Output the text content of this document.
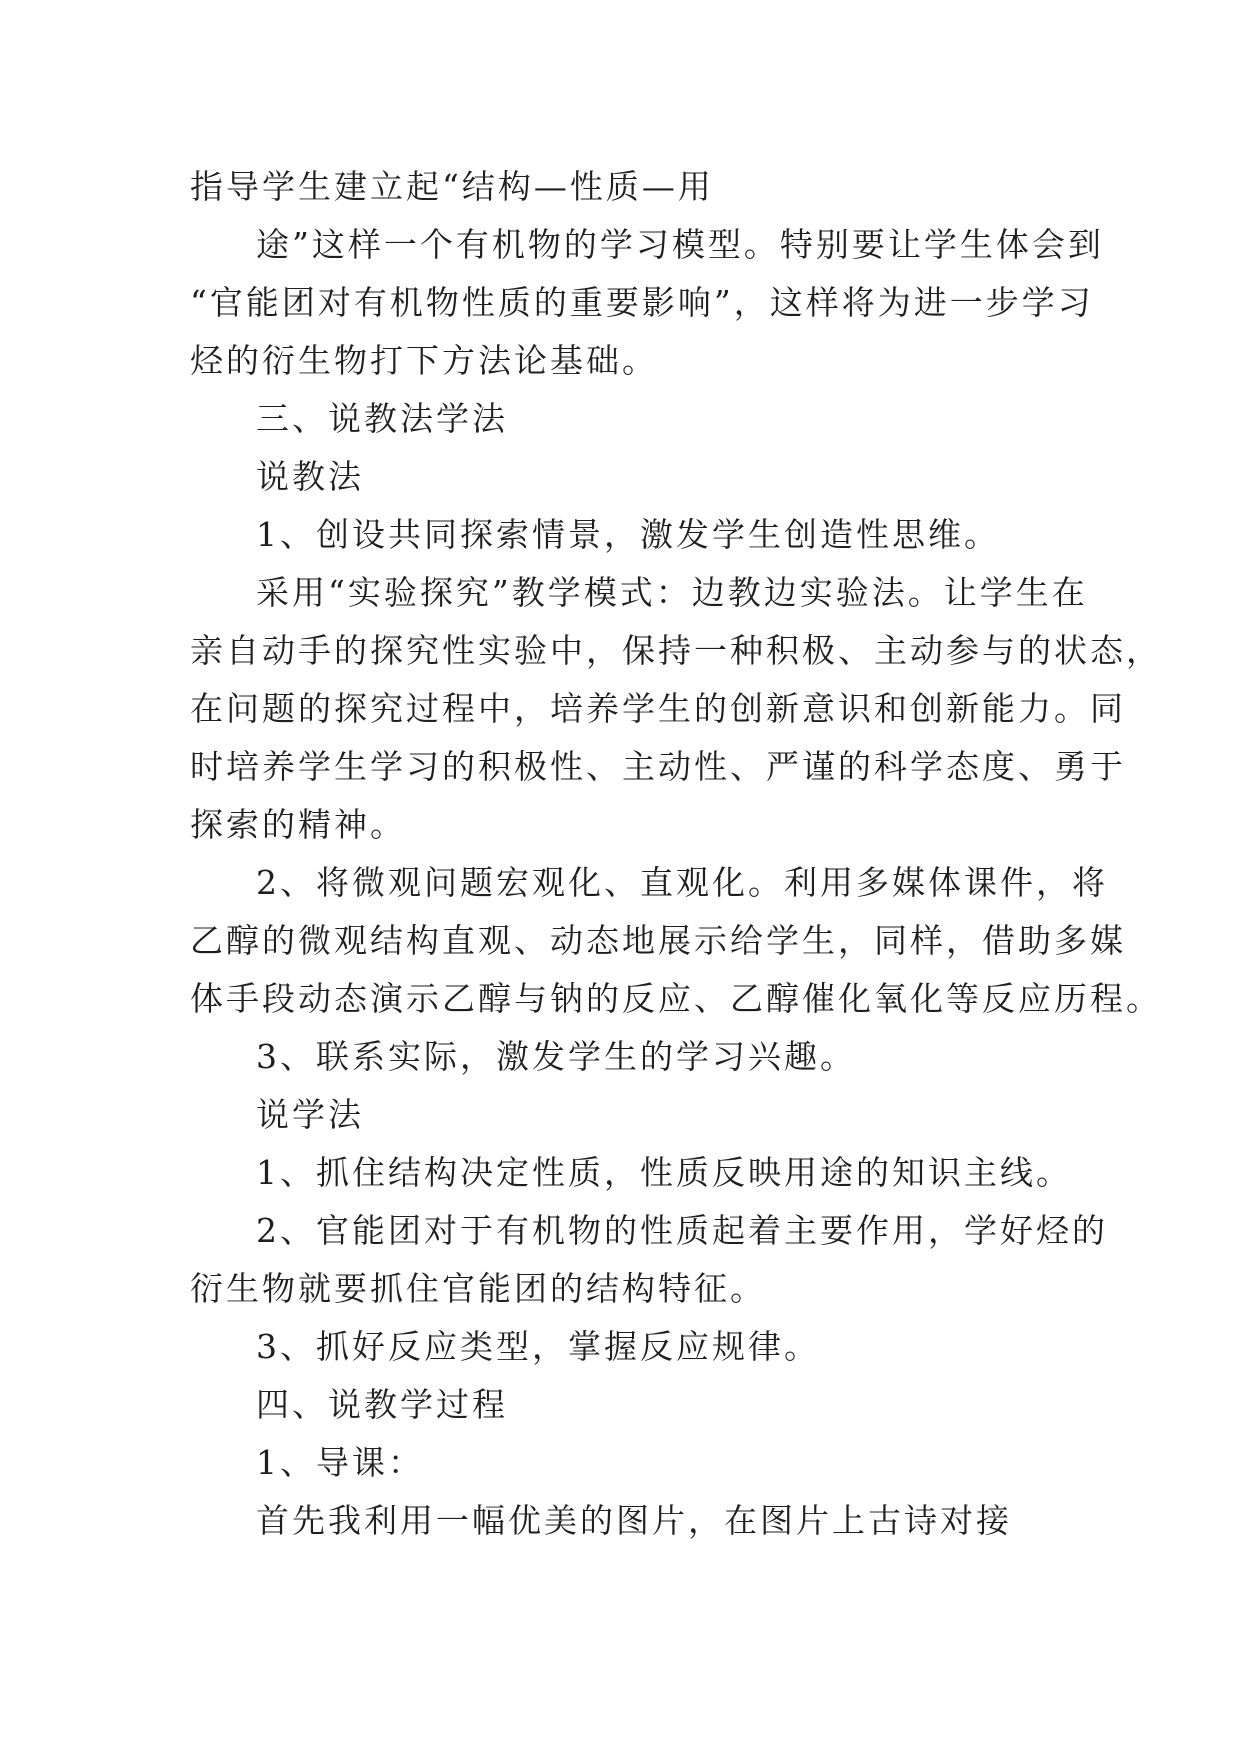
指导学生建立起“结构—性质—用
途”这样一个有机物的学习模型。特别要让学生体会到
“官能团对有机物性质的重要影响”，这样将为进一步学习
烃的衍生物打下方法论基础。
三、说教法学法
说教法
1、创设共同探索情景，激发学生创造性思维。
采用“实验探究”教学模式：边教边实验法。让学生在
亲自动手的探究性实验中，保持一种积极、主动参与的状态，
在问题的探究过程中，培养学生的创新意识和创新能力。同
时培养学生学习的积极性、主动性、严谨的科学态度、勇于
探索的精神。
2、将微观问题宏观化、直观化。利用多媒体课件，将
乙醇的微观结构直观、动态地展示给学生，同样，借助多媒
体手段动态演示乙醇与钠的反应、乙醇催化氧化等反应历程。
3、联系实际，激发学生的学习兴趣。
说学法
1、抓住结构决定性质，性质反映用途的知识主线。
2、官能团对于有机物的性质起着主要作用，学好烃的
衍生物就要抓住官能团的结构特征。
3、抓好反应类型，掌握反应规律。
四、说教学过程
1、导课：
首先我利用一幅优美的图片，在图片上古诗对接
